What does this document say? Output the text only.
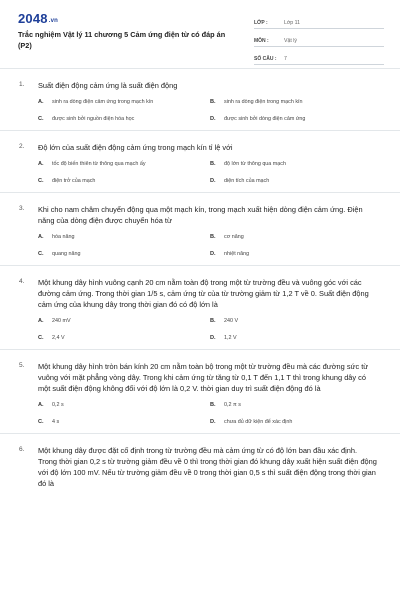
2048.vn
Trắc nghiệm Vật lý 11 chương 5 Cảm ứng điện từ có đáp án (P2)
LỚP :	Lớp 11
MÔN :	Vật lý
SỐ CÂU :	7
1.	Suất điện động cảm ứng là suất điện động
A.	sinh ra dòng điện cảm ứng trong mạch kín	B.	sinh ra dòng điện trong mạch kín
C.	được sinh bởi nguồn điện hóa học	D.	được sinh bởi dòng điện cảm ứng
2.	Độ lớn của suất điện động cảm ứng trong mạch kín tỉ lệ với
A.	tốc độ biến thiên từ thông qua mạch ấy	B.	độ lớn từ thông qua mạch
C.	điện trở của mạch	D.	diện tích của mạch
3.	Khi cho nam châm chuyển động qua một mạch kín, trong mạch xuất hiện dòng điện cảm ứng. Điện năng của dòng điện được chuyển hóa từ
A.	hóa năng	B.	cơ năng
C.	quang năng	D.	nhiệt năng
4.	Một khung dây hình vuông cạnh 20 cm nằm toàn độ trong một từ trường đều và vuông góc với các đường cảm ứng. Trong thời gian 1/5 s, cảm ứng từ của từ trường giảm từ 1,2 T về 0. Suất điện động cảm ứng của khung dây trong thời gian đó có độ lớn là
A.	240 mV	B.	240 V
C.	2,4 V	D.	1,2 V
5.	Một khung dây hình tròn bán kính 20 cm nằm toàn bộ trong một từ trường đều mà các đường sức từ vuông với mặt phẳng vòng dây. Trong khi cảm ứng từ tăng từ 0,1 T đến 1,1 T thì trong khung dây có một suất điện động không đổi với độ lớn là 0,2 V. thời gian duy trì suất điện động đó là
A.	0,2 s	B.	0,2 π s
C.	4 s	D.	chưa đủ dữ kiện để xác định
6.	Một khung dây được đặt cố định trong từ trường đều mà cảm ứng từ có độ lớn ban đầu xác định. Trong thời gian 0,2 s từ trường giảm đều về 0 thì trong thời gian đó khung dây xuất hiện suất điện động với độ lớn 100 mV. Nếu từ trường giảm đều về 0 trong thời gian 0,5 s thì suất điện động trong thời gian đó là
